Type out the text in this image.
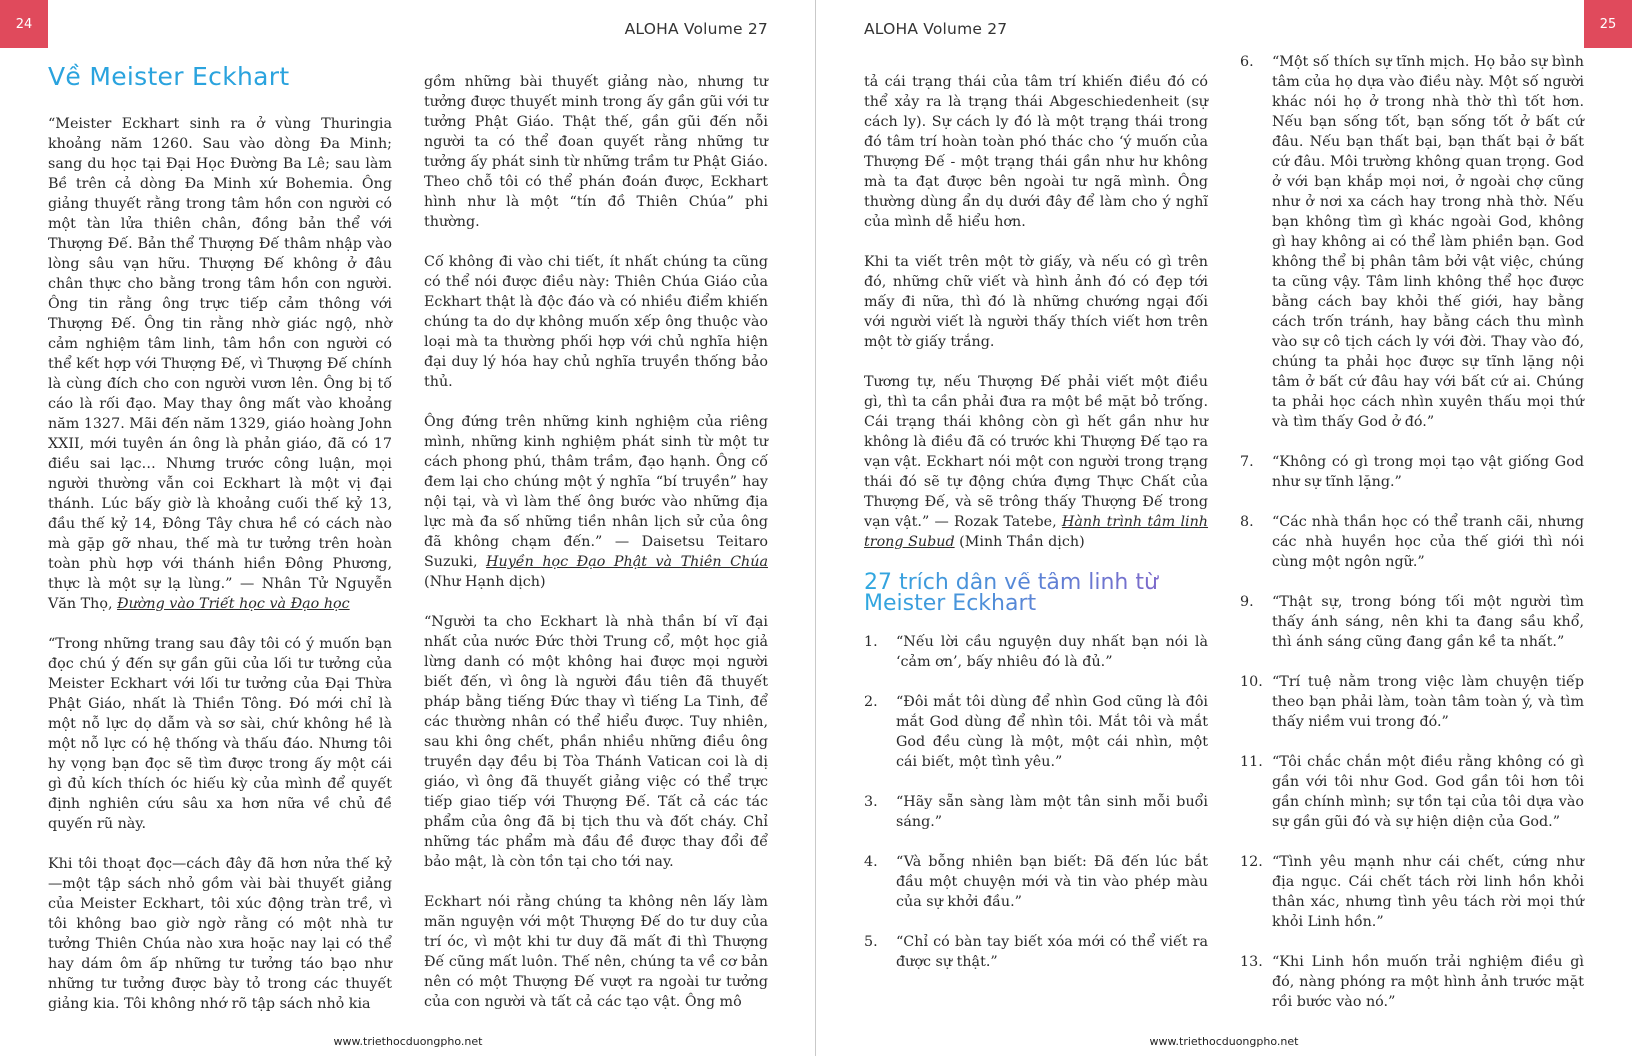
24	ALOHA Volume 27
Về Meister Eckhart

“Meister Eckhart sinh ra ở vùng Thuringia khoảng năm 1260. Sau vào dòng Đa Minh; sang du học tại Đại Học Đường Ba Lê; sau làm Bề trên cả dòng Đa Minh xứ Bohemia. Ông giảng thuyết rằng trong tâm hồn con người có một tàn lửa thiên chân, đồng bản thể với Thượng Đế. Bản thể Thượng Đế thâm nhập vào lòng sâu vạn hữu. Thượng Đế không ở đâu chân thực cho bằng trong tâm hồn con người. Ông tin rằng ông trực tiếp cảm thông với Thượng Đế. Ông tin rằng nhờ giác ngộ, nhờ cảm nghiệm tâm linh, tâm hồn con người có thể kết hợp với Thượng Đế, vì Thượng Đế chính là cùng đích cho con người vươn lên. Ông bị tố cáo là rối đạo. May thay ông mất vào khoảng năm 1327. Mãi đến năm 1329, giáo hoàng John XXII, mới tuyên án ông là phản giáo, đã có 17 điều sai lạc… Nhưng trước công luận, mọi người thường vẫn coi Eckhart là một vị đại thánh. Lúc bấy giờ là khoảng cuối thế kỷ 13, đầu thế kỷ 14, Đông Tây chưa hề có cách nào mà gặp gỡ nhau, thế mà tư tưởng trên hoàn toàn phù hợp với thánh hiền Đông Phương, thực là một sự lạ lùng.” — Nhân Tử Nguyễn Văn Thọ, Đường vào Triết học và Đạo học

“Trong những trang sau đây tôi có ý muốn bạn đọc chú ý đến sự gần gũi của lối tư tưởng của Meister Eckhart với lối tư tưởng của Đại Thừa Phật Giáo, nhất là Thiền Tông. Đó mới chỉ là một nỗ lực dọ dẫm và sơ sài, chứ không hề là một nỗ lực có hệ thống và thấu đáo. Nhưng tôi hy vọng bạn đọc sẽ tìm được trong ấy một cái gì đủ kích thích óc hiếu kỳ của mình để quyết định nghiên cứu sâu xa hơn nữa về chủ đề quyến rũ này.

Khi tôi thoạt đọc—cách đây đã hơn nửa thế kỷ—một tập sách nhỏ gồm vài bài thuyết giảng của Meister Eckhart, tôi xúc động tràn trề, vì tôi không bao giờ ngờ rằng có một nhà tư tưởng Thiên Chúa nào xưa hoặc nay lại có thể hay dám ôm ấp những tư tưởng táo bạo như những tư tưởng được bày tỏ trong các thuyết giảng kia. Tôi không nhớ rõ tập sách nhỏ kia

gồm những bài thuyết giảng nào, nhưng tư tưởng được thuyết minh trong ấy gần gũi với tư tưởng Phật Giáo. Thật thế, gần gũi đến nỗi người ta có thể đoan quyết rằng những tư tưởng ấy phát sinh từ những trầm tư Phật Giáo. Theo chỗ tôi có thể phán đoán được, Eckhart hình như là một “tín đồ Thiên Chúa” phi thường.

Cố không đi vào chi tiết, ít nhất chúng ta cũng có thể nói được điều này: Thiên Chúa Giáo của Eckhart thật là độc đáo và có nhiều điểm khiến chúng ta do dự không muốn xếp ông thuộc vào loại mà ta thường phối hợp với chủ nghĩa hiện đại duy lý hóa hay chủ nghĩa truyền thống bảo thủ.

Ông đứng trên những kinh nghiệm của riêng mình, những kinh nghiệm phát sinh từ một tư cách phong phú, thâm trầm, đạo hạnh. Ông cố đem lại cho chúng một ý nghĩa “bí truyền” hay nội tại, và vì làm thế ông bước vào những địa lực mà đa số những tiền nhân lịch sử của ông đã không chạm đến.” — Daisetsu Teitaro Suzuki, Huyền học Đạo Phật và Thiên Chúa (Như Hạnh dịch)

“Người ta cho Eckhart là nhà thần bí vĩ đại nhất của nước Đức thời Trung cổ, một học giả lừng danh có một không hai được mọi người biết đến, vì ông là người đầu tiên đã thuyết pháp bằng tiếng Đức thay vì tiếng La Tinh, để các thường nhân có thể hiểu được. Tuy nhiên, sau khi ông chết, phần nhiều những điều ông truyền dạy đều bị Tòa Thánh Vatican coi là dị giáo, vì ông đã thuyết giảng việc có thể trực tiếp giao tiếp với Thượng Đế. Tất cả các tác phẩm của ông đã bị tịch thu và đốt cháy. Chỉ những tác phẩm mà đầu đề được thay đổi để bảo mật, là còn tồn tại cho tới nay.

Eckhart nói rằng chúng ta không nên lấy làm mãn nguyện với một Thượng Đế do tư duy của trí óc, vì một khi tư duy đã mất đi thì Thượng Đế cũng mất luôn. Thế nên, chúng ta về cơ bản nên có một Thượng Đế vượt ra ngoài tư tưởng của con người và tất cả các tạo vật. Ông mô

www.triethocduongpho.net
25
ALOHA Volume 27
www.triethocduongpho.net

tả cái trạng thái của tâm trí khiến điều đó có thể xảy ra là trạng thái Abgeschiedenheit (sự cách ly). Sự cách ly đó là một trạng thái trong đó tâm trí hoàn toàn phó thác cho ‘ý muốn của Thượng Đế - một trạng thái gần như hư không mà ta đạt được bên ngoài tư ngã mình. Ông thường dùng ẩn dụ dưới đây để làm cho ý nghĩ của mình dễ hiểu hơn.

Khi ta viết trên một tờ giấy, và nếu có gì trên đó, những chữ viết và hình ảnh đó có đẹp tới mấy đi nữa, thì đó là những chướng ngại đối với người viết là người thấy thích viết hơn trên một tờ giấy trắng.

Tương tự, nếu Thượng Đế phải viết một điều gì, thì ta cần phải đưa ra một bề mặt bỏ trống. Cái trạng thái không còn gì hết gần như hư không là điều đã có trước khi Thượng Đế tạo ra vạn vật. Eckhart nói một con người trong trạng thái đó sẽ tự động chứa đựng Thực Chất của Thượng Đế, và sẽ trông thấy Thượng Đế trong vạn vật.” — Rozak Tatebe, Hành trình tâm linh trong Subud (Minh Thần dịch)

27 trích dẫn về tâm linh từ Meister Eckhart
1.	“Nếu lời cầu nguyện duy nhất bạn nói là ‘cảm ơn’, bấy nhiêu đó là đủ.”
2.	“Đôi mắt tôi dùng để nhìn God cũng là đôi mắt God dùng để nhìn tôi. Mắt tôi và mắt God đều cùng là một, một cái nhìn, một cái biết, một tình yêu.”
3.	“Hãy sẵn sàng làm một tân sinh mỗi buổi sáng.”
4.	“Và bỗng nhiên bạn biết: Đã đến lúc bắt đầu một chuyện mới và tin vào phép màu của sự khởi đầu.”
5.	“Chỉ có bàn tay biết xóa mới có thể viết ra được sự thật.”
6.	“Một số thích sự tĩnh mịch. Họ bảo sự bình tâm của họ dựa vào điều này. Một số người khác nói họ ở trong nhà thờ thì tốt hơn. Nếu bạn sống tốt, bạn sống tốt ở bất cứ đâu. Nếu bạn thất bại, bạn thất bại ở bất cứ đâu. Môi trường không quan trọng. God ở với bạn khắp mọi nơi, ở ngoài chợ cũng như ở nơi xa cách hay trong nhà thờ. Nếu bạn không tìm gì khác ngoài God, không gì hay không ai có thể làm phiền bạn. God không thể bị phân tâm bởi vật việc, chúng ta cũng vậy. Tâm linh không thể học được bằng cách bay khỏi thế giới, hay bằng cách trốn tránh, hay bằng cách thu mình vào sự cô tịch cách ly với đời. Thay vào đó, chúng ta phải học được sự tĩnh lặng nội tâm ở bất cứ đâu hay với bất cứ ai. Chúng ta phải học cách nhìn xuyên thấu mọi thứ và tìm thấy God ở đó.”
7.	“Không có gì trong mọi tạo vật giống God như sự tĩnh lặng.”
8.	“Các nhà thần học có thể tranh cãi, nhưng các nhà huyền học của thế giới thì nói cùng một ngôn ngữ.”
9.	“Thật sự, trong bóng tối một người tìm thấy ánh sáng, nên khi ta đang sầu khổ, thì ánh sáng cũng đang gần kề ta nhất.”
10. “Trí tuệ nằm trong việc làm chuyện tiếp theo bạn phải làm, toàn tâm toàn ý, và tìm thấy niềm vui trong đó.”
11. “Tôi chắc chắn một điều rằng không có gì gần với tôi như God. God gần tôi hơn tôi gần chính mình; sự tồn tại của tôi dựa vào sự gần gũi đó và sự hiện diện của God.”
12. “Tình yêu mạnh như cái chết, cứng như địa ngục. Cái chết tách rời linh hồn khỏi thân xác, nhưng tình yêu tách rời mọi thứ khỏi Linh hồn.”
13. “Khi Linh hồn muốn trải nghiệm điều gì đó, nàng phóng ra một hình ảnh trước mặt rồi bước vào nó.”
